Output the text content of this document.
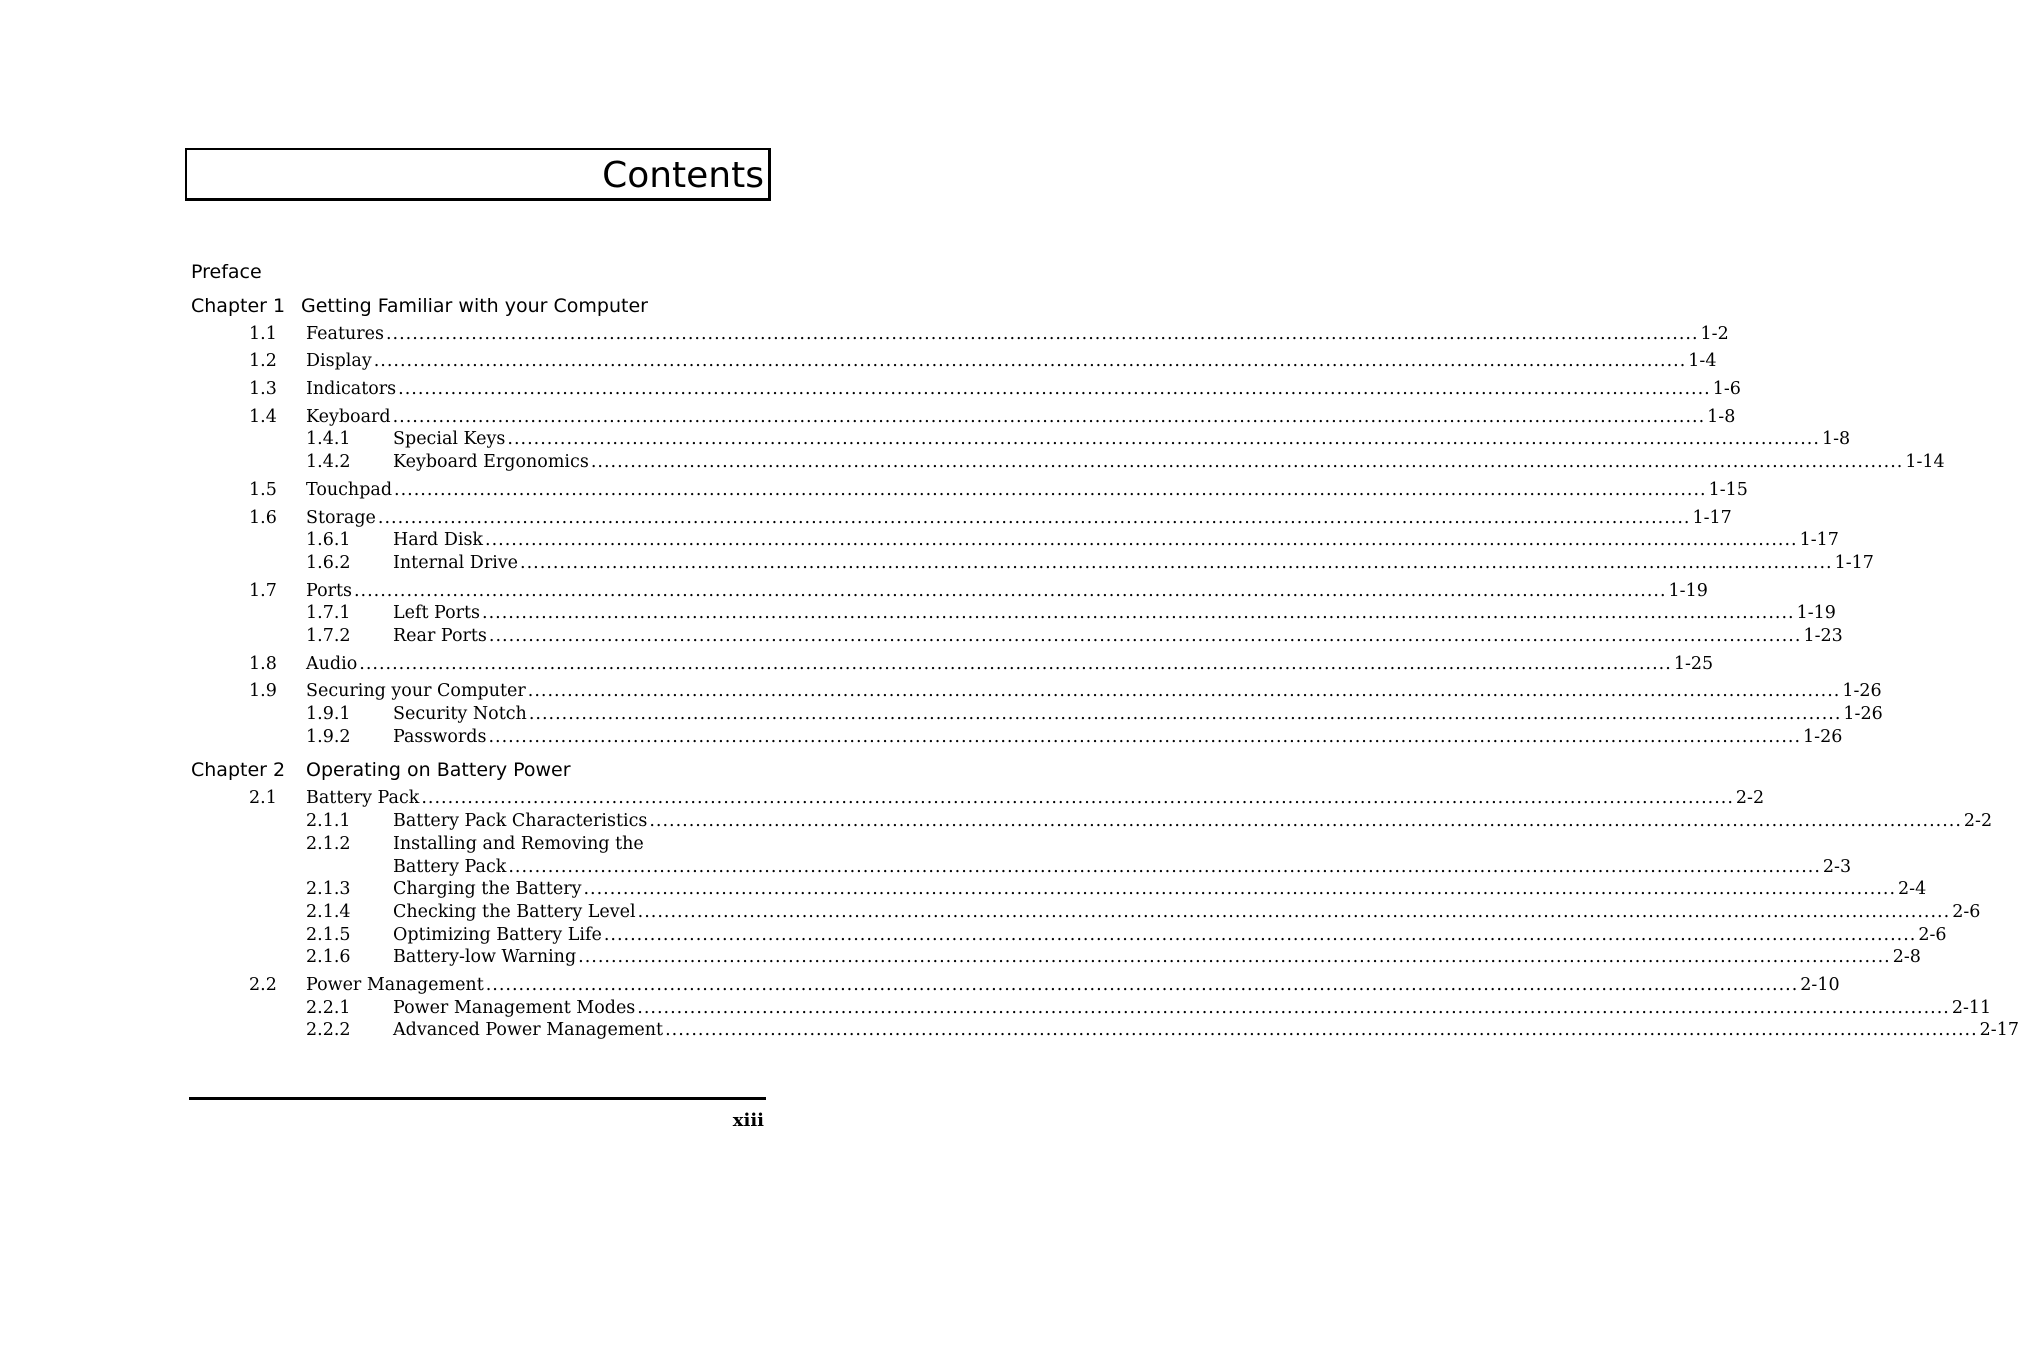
Contents
Preface
Chapter 1 Getting Familiar with your Computer
Chapter 2 Operating on Battery Power
1.1 Features ........................................................................................................................................................................................................ 1-2
1.2 Display ........................................................................................................................................................................................................ 1-4
1.3 Indicators ........................................................................................................................................................................................................ 1-6
1.4 Keyboard ........................................................................................................................................................................................................ 1-8
1.4.1 Special Keys ........................................................................................................................................................................................................ 1-8
1.4.2 Keyboard Ergonomics ........................................................................................................................................................................................................ 1-14
1.5 Touchpad ........................................................................................................................................................................................................ 1-15
1.6 Storage ........................................................................................................................................................................................................ 1-17
1.6.1 Hard Disk ........................................................................................................................................................................................................ 1-17
1.6.2 Internal Drive ........................................................................................................................................................................................................ 1-17
1.7 Ports ........................................................................................................................................................................................................ 1-19
1.7.1 Left Ports ........................................................................................................................................................................................................ 1-19
1.7.2 Rear Ports ........................................................................................................................................................................................................ 1-23
1.8 Audio ........................................................................................................................................................................................................ 1-25
1.9 Securing your Computer ........................................................................................................................................................................................................ 1-26
1.9.1 Security Notch ........................................................................................................................................................................................................ 1-26
1.9.2 Passwords ........................................................................................................................................................................................................ 1-26
2.1 Battery Pack ........................................................................................................................................................................................................ 2-2
2.1.1 Battery Pack Characteristics ........................................................................................................................................................................................................ 2-2
2.1.2 Installing and Removing the
Battery Pack ........................................................................................................................................................................................................ 2-3
2.1.3 Charging the Battery ........................................................................................................................................................................................................ 2-4
2.1.4 Checking the Battery Level ........................................................................................................................................................................................................ 2-6
2.1.5 Optimizing Battery Life ........................................................................................................................................................................................................ 2-6
2.1.6 Battery-low Warning ........................................................................................................................................................................................................ 2-8
2.2 Power Management ........................................................................................................................................................................................................ 2-10
2.2.1 Power Management Modes ........................................................................................................................................................................................................ 2-11
2.2.2 Advanced Power Management ........................................................................................................................................................................................................ 2-17
xiii
